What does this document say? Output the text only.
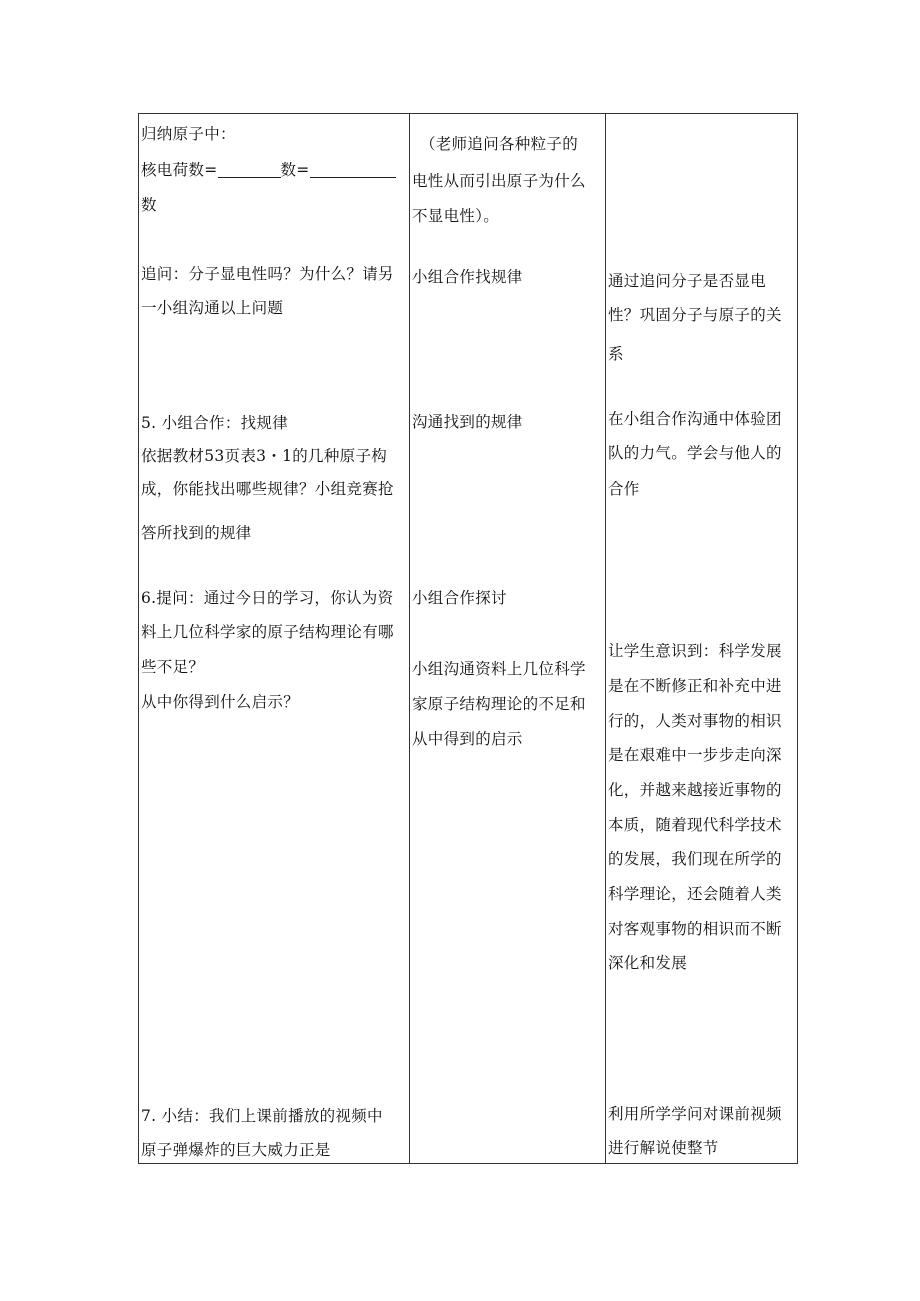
归纳原子中：
核电荷数=	数=
数
追问：分子显电性吗？为什么？请另
一小组沟通以上问题
5. 小组合作：找规律
依据教材53页表3・1的几种原子构
成，你能找出哪些规律？小组竞赛抢
答所找到的规律
6.提问：通过今日的学习，你认为资
料上几位科学家的原子结构理论有哪
些不足？
从中你得到什么启示？
7. 小结：我们上课前播放的视频中
原子弹爆炸的巨大威力正是
（老师追问各种粒子的
电性从而引出原子为什么
不显电性）。
小组合作找规律
沟通找到的规律
小组合作探讨
小组沟通资料上几位科学
家原子结构理论的不足和
从中得到的启示
通过追问分子是否显电
性？巩固分子与原子的关
系
在小组合作沟通中体验团
队的力气。学会与他人的
合作
让学生意识到：科学发展
是在不断修正和补充中进
行的，人类对事物的相识
是在艰难中一步步走向深
化，并越来越接近事物的
本质，随着现代科学技术
的发展，我们现在所学的
科学理论，还会随着人类
对客观事物的相识而不断
深化和发展
利用所学学问对课前视频
进行解说使整节
